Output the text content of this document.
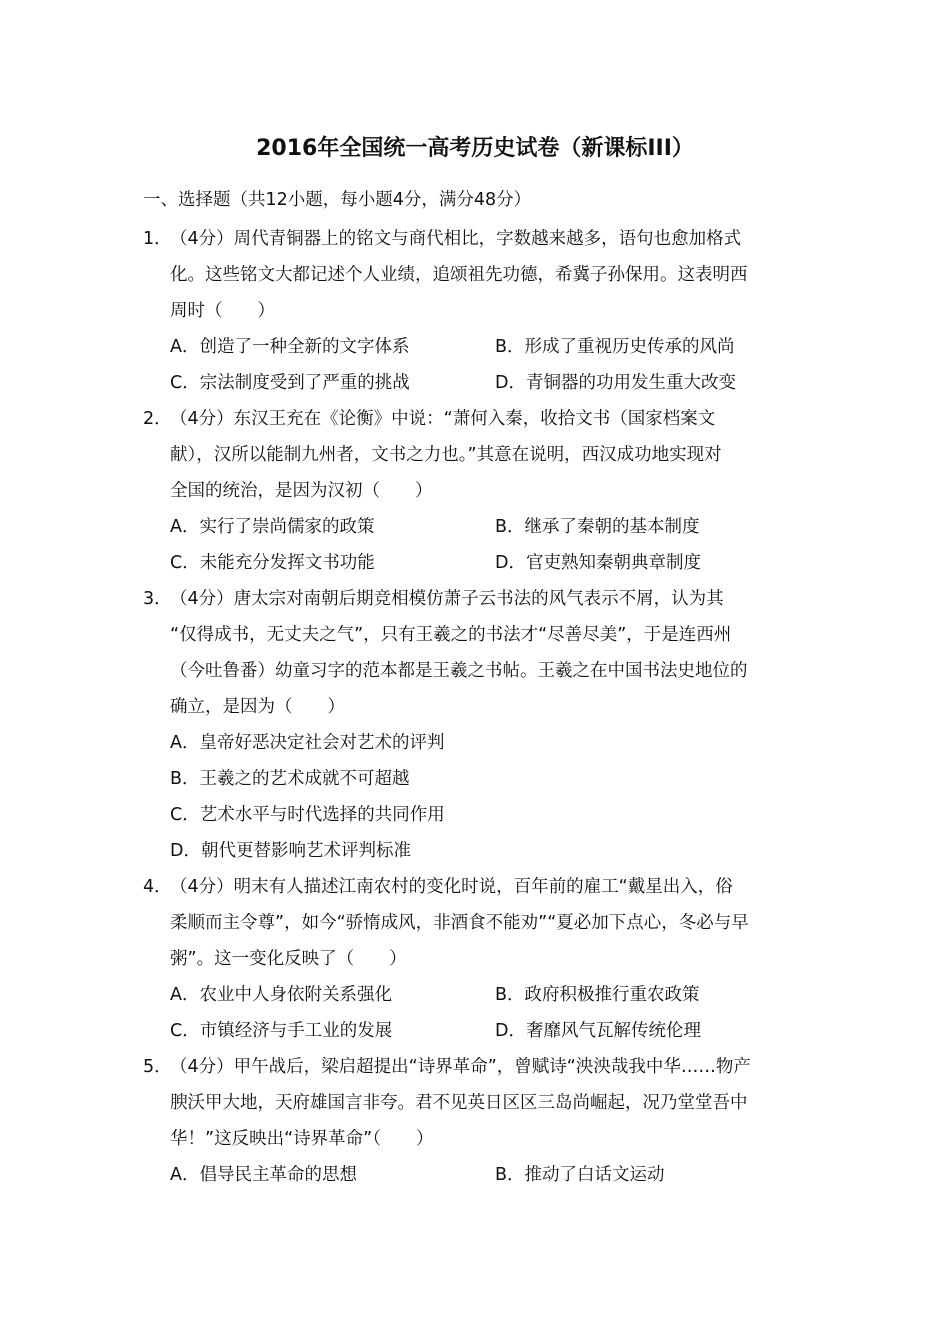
2016年全国统一高考历史试卷（新课标III）
一、选择题（共12小题，每小题4分，满分48分）
1．
（4分）周代青铜器上的铭文与商代相比，字数越来越多，语句也愈加格式
化。这些铭文大都记述个人业绩，追颂祖先功德，希冀子孙保用。这表明西
周时（　　）
A．创造了一种全新的文字体系	B．形成了重视历史传承的风尚
C．宗法制度受到了严重的挑战	D．青铜器的功用发生重大改变
2．
（4分）东汉王充在《论衡》中说：“萧何入秦，收拾文书（国家档案文
献），汉所以能制九州者，文书之力也。”其意在说明，西汉成功地实现对
全国的统治，是因为汉初（　　）
A．实行了崇尚儒家的政策	B．继承了秦朝的基本制度
C．未能充分发挥文书功能	D．官吏熟知秦朝典章制度
3．
（4分）唐太宗对南朝后期竞相模仿萧子云书法的风气表示不屑，认为其
“仅得成书，无丈夫之气”，只有王羲之的书法才“尽善尽美”，于是连西州
（今吐鲁番）幼童习字的范本都是王羲之书帖。王羲之在中国书法史地位的
确立，是因为（　　）
A．皇帝好恶决定社会对艺术的评判
B．王羲之的艺术成就不可超越
C．艺术水平与时代选择的共同作用
D．朝代更替影响艺术评判标准
4．
（4分）明末有人描述江南农村的变化时说，百年前的雇工“戴星出入，俗
柔顺而主令尊”，如今“骄惰成风，非酒食不能劝”“夏必加下点心，冬必与早
粥”。这一变化反映了（　　）
A．农业中人身依附关系强化	B．政府积极推行重农政策
C．市镇经济与手工业的发展	D．奢靡风气瓦解传统伦理
5．
（4分）甲午战后，梁启超提出“诗界革命”，曾赋诗“泱泱哉我中华……物产
腴沃甲大地，天府雄国言非夸。君不见英日区区三岛尚崛起，况乃堂堂吾中
华！”这反映出“诗界革命”（　　）
A．倡导民主革命的思想	B．推动了白话文运动
